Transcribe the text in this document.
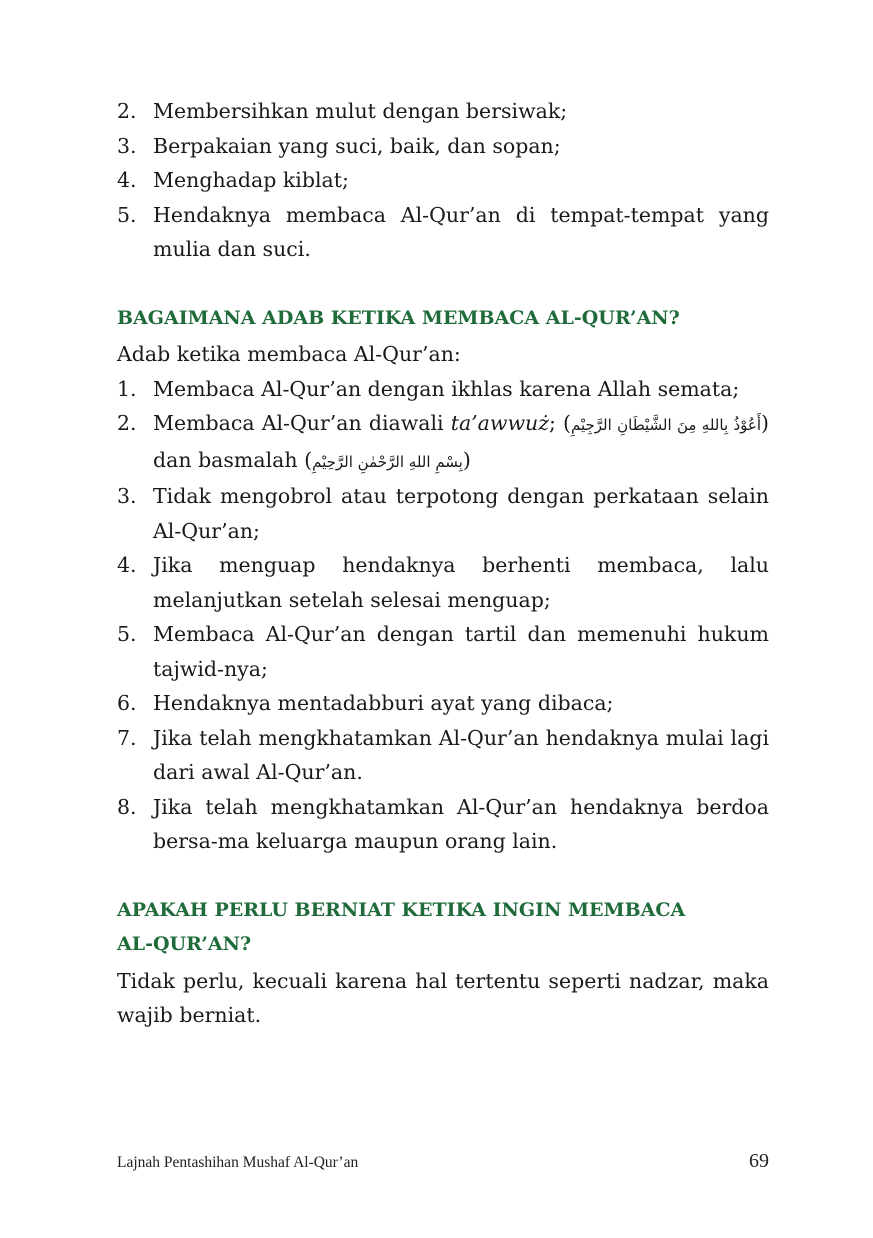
2. Membersihkan mulut dengan bersiwak;
3. Berpakaian yang suci, baik, dan sopan;
4. Menghadap kiblat;
5. Hendaknya membaca Al-Qur’an di tempat-tempat yang mulia dan suci.
BAGAIMANA ADAB KETIKA MEMBACA AL-QUR’AN?

Adab ketika membaca Al-Qur’an:

1. Membaca Al-Qur’an dengan ikhlas karena Allah semata;
2. Membaca Al-Qur’an diawali ta’awwuż; (أَعُوْذُ بِاللهِ مِنَ الشَّيْطَانِ الرَّجِيْمِ) dan basmalah (بِسْمِ اللهِ الرَّحْمٰنِ الرَّحِيْمِ)
3. Tidak mengobrol atau terpotong dengan perkataan selain Al-Qur’an;
4. Jika menguap hendaknya berhenti membaca, lalu melanjutkan setelah selesai menguap;
5. Membaca Al-Qur’an dengan tartil dan memenuhi hukum tajwid-nya;
6. Hendaknya mentadabburi ayat yang dibaca;
7. Jika telah mengkhatamkan Al-Qur’an hendaknya mulai lagi dari awal Al-Qur’an.
8. Jika telah mengkhatamkan Al-Qur’an hendaknya berdoa bersa-ma keluarga maupun orang lain.
APAKAH PERLU BERNIAT KETIKA INGIN MEMBACA
AL-QUR’AN?

Tidak perlu, kecuali karena hal tertentu seperti nadzar, maka wajib berniat.

Lajnah Pentashihan Mushaf Al-Qur’an	69
